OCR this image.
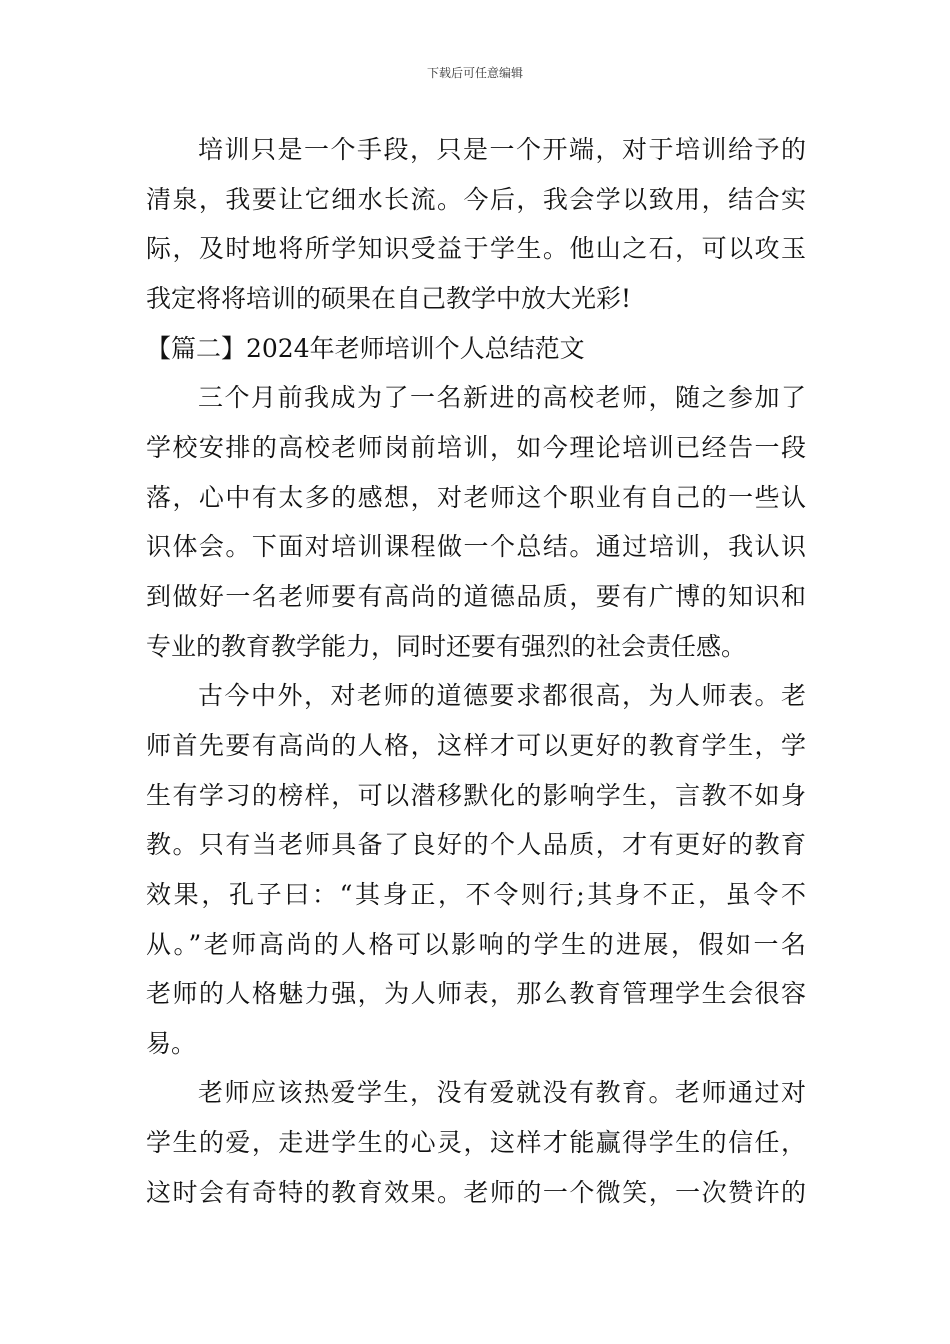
下载后可任意编辑
培训只是一个手段，只是一个开端，对于培训给予的
清泉，我要让它细水长流。今后，我会学以致用，结合实
际，及时地将所学知识受益于学生。他山之石，可以攻玉
我定将将培训的硕果在自己教学中放大光彩!
【篇二】2024年老师培训个人总结范文
三个月前我成为了一名新进的高校老师，随之参加了
学校安排的高校老师岗前培训，如今理论培训已经告一段
落，心中有太多的感想，对老师这个职业有自己的一些认
识体会。下面对培训课程做一个总结。通过培训，我认识
到做好一名老师要有高尚的道德品质，要有广博的知识和
专业的教育教学能力，同时还要有强烈的社会责任感。
古今中外，对老师的道德要求都很高，为人师表。老
师首先要有高尚的人格，这样才可以更好的教育学生，学
生有学习的榜样，可以潜移默化的影响学生，言教不如身
教。只有当老师具备了良好的个人品质，才有更好的教育
效果，孔子曰：“其身正，不令则行;其身不正，虽令不
从。”老师高尚的人格可以影响的学生的进展，假如一名
老师的人格魅力强，为人师表，那么教育管理学生会很容
易。
老师应该热爱学生，没有爱就没有教育。老师通过对
学生的爱，走进学生的心灵，这样才能赢得学生的信任，
这时会有奇特的教育效果。老师的一个微笑，一次赞许的
